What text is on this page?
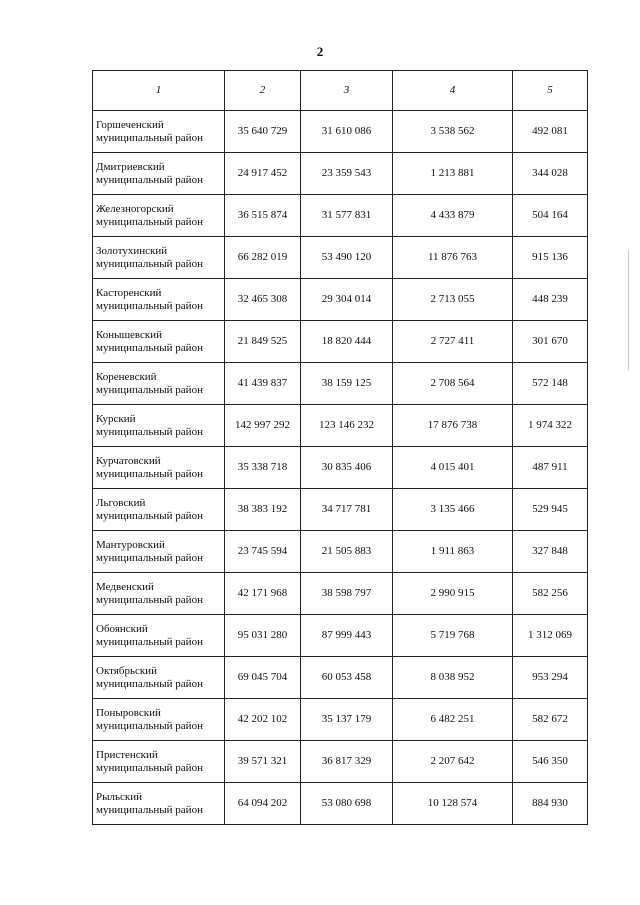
2
1	2	3	4	5

Горшеченский
муниципальный район	35 640 729	31 610 086	3 538 562	492 081

Дмитриевский
муниципальный район	24 917 452	23 359 543	1 213 881	344 028

Железногорский
муниципальный район	36 515 874	31 577 831	4 433 879	504 164

Золотухинский
муниципальный район	66 282 019	53 490 120	11 876 763	915 136

Касторенский
муниципальный район	32 465 308	29 304 014	2 713 055	448 239

Конышевский
муниципальный район	21 849 525	18 820 444	2 727 411	301 670

Кореневский
муниципальный район	41 439 837	38 159 125	2 708 564	572 148

Курский
муниципальный район	142 997 292	123 146 232	17 876 738	1 974 322

Курчатовский
муниципальный район	35 338 718	30 835 406	4 015 401	487 911

Льговский
муниципальный район	38 383 192	34 717 781	3 135 466	529 945

Мантуровский
муниципальный район	23 745 594	21 505 883	1 911 863	327 848

Медвенский
муниципальный район	42 171 968	38 598 797	2 990 915	582 256

Обоянский
муниципальный район	95 031 280	87 999 443	5 719 768	1 312 069

Октябрьский
муниципальный район	69 045 704	60 053 458	8 038 952	953 294

Поныровский
муниципальный район	42 202 102	35 137 179	6 482 251	582 672

Пристенский
муниципальный район	39 571 321	36 817 329	2 207 642	546 350

Рыльский
муниципальный район	64 094 202	53 080 698	10 128 574	884 930
